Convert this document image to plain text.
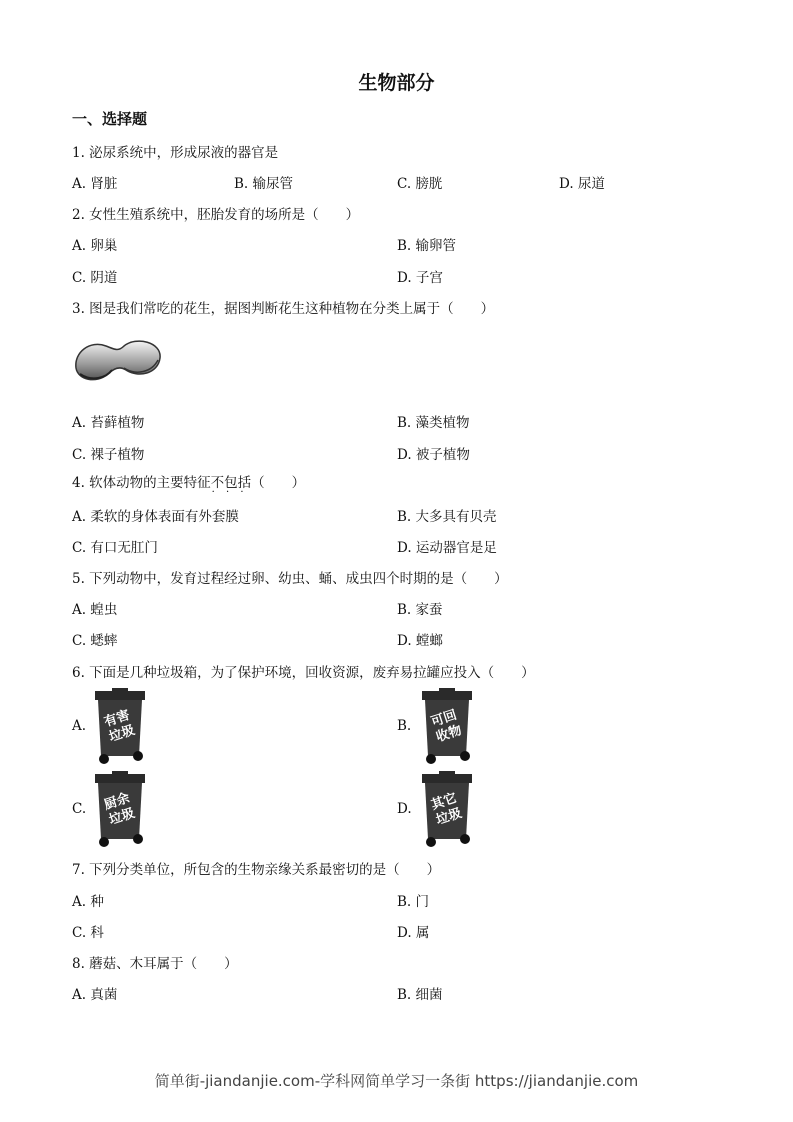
生物部分
一、选择题
1. 泌尿系统中，形成尿液的器官是
A. 肾脏	B. 输尿管	C. 膀胱	D. 尿道
2. 女性生殖系统中，胚胎发育的场所是（　　）
A. 卵巢	B. 输卵管
C. 阴道	D. 子宫
3. 图是我们常吃的花生，据图判断花生这种植物在分类上属于（　　）
A. 苔藓植物	B. 藻类植物
C. 裸子植物	D. 被子植物
4. 软体动物的主要特征不包括 · · ·（　　）
A. 柔软的身体表面有外套膜	B. 大多具有贝壳
C. 有口无肛门	D. 运动器官是足
5. 下列动物中，发育过程经过卵、幼虫、蛹、成虫四个时期的是（　　）
A. 蝗虫	B. 家蚕
C. 蟋蟀	D. 螳螂
6. 下面是几种垃圾箱，为了保护环境，回收资源，废弃易拉罐应投入（　　）
A.	B.
C.	D.
有害
垃圾
可回
收物
厨余
垃圾
其它
垃圾
7. 下列分类单位，所包含的生物亲缘关系最密切的是（　　）
A. 种	B. 门
C. 科	D. 属
8. 蘑菇、木耳属于（　　）
A. 真菌	B. 细菌
简单街-jiandanjie.com-学科网简单学习一条街 https://jiandanjie.com
